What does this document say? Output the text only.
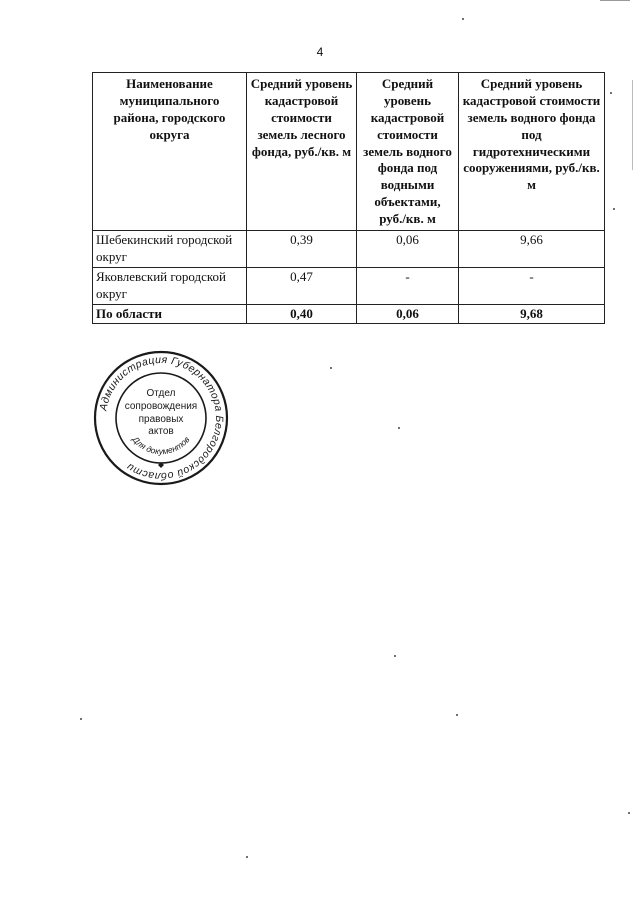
4
Наименование муниципального района, городского округа	Средний уровень кадастровой стоимости земель лесного фонда, руб./кв. м	Средний уровень кадастровой стоимости земель водного фонда под водными объектами, руб./кв. м	Средний уровень кадастровой стоимости земель водного фонда под гидротехническими сооружениями, руб./кв. м
Шебекинский городской округ	0,39	0,06	9,66
Яковлевский городской округ	0,47	-	-
По области	0,40	0,06	9,68
Администрация Губернатора Белгородской области
Для документов
Отдел
сопровождения
правовых
актов
